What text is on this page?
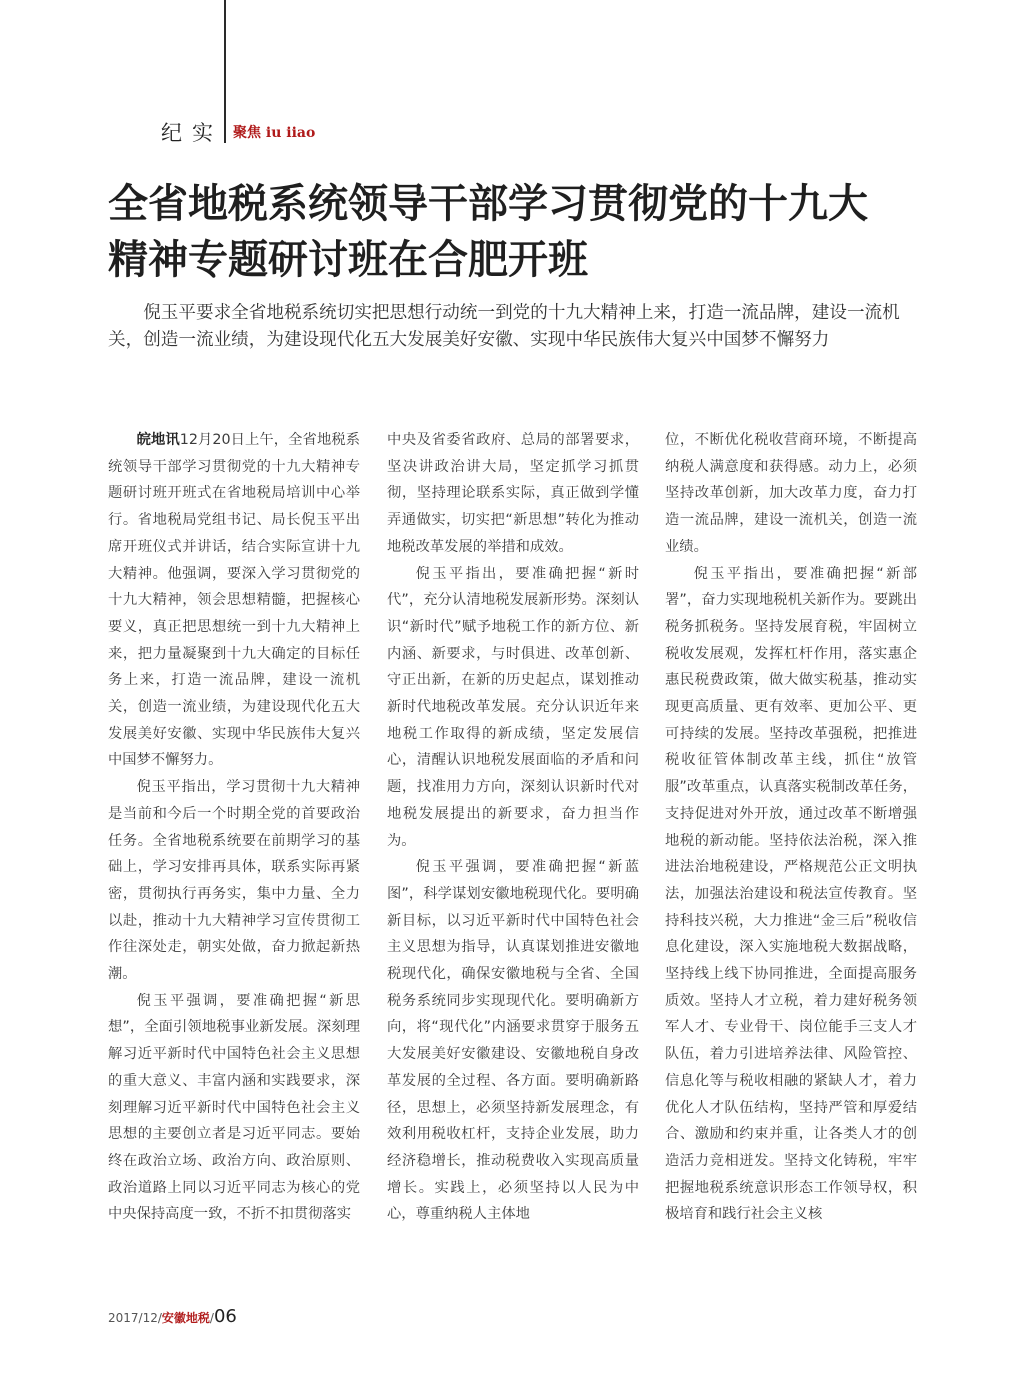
纪实 聚焦 iu iiao
全省地税系统领导干部学习贯彻党的十九大
精神专题研讨班在合肥开班

倪玉平要求全省地税系统切实把思想行动统一到党的十九大精神上来，打造一流品牌，建设一流机关，创造一流业绩，为建设现代化五大发展美好安徽、实现中华民族伟大复兴中国梦不懈努力

皖地讯12月20日上午，全省地税系统领导干部学习贯彻党的十九大精神专题研讨班开班式在省地税局培训中心举行。省地税局党组书记、局长倪玉平出席开班仪式并讲话，结合实际宣讲十九大精神。他强调，要深入学习贯彻党的十九大精神，领会思想精髓，把握核心要义，真正把思想统一到十九大精神上来，把力量凝聚到十九大确定的目标任务上来，打造一流品牌，建设一流机关，创造一流业绩，为建设现代化五大发展美好安徽、实现中华民族伟大复兴中国梦不懈努力。

倪玉平指出，学习贯彻十九大精神是当前和今后一个时期全党的首要政治任务。全省地税系统要在前期学习的基础上，学习安排再具体，联系实际再紧密，贯彻执行再务实，集中力量、全力以赴，推动十九大精神学习宣传贯彻工作往深处走，朝实处做，奋力掀起新热潮。

倪玉平强调，要准确把握“新思想”，全面引领地税事业新发展。深刻理解习近平新时代中国特色社会主义思想的重大意义、丰富内涵和实践要求，深刻理解习近平新时代中国特色社会主义思想的主要创立者是习近平同志。要始终在政治立场、政治方向、政治原则、政治道路上同以习近平同志为核心的党中央保持高度一致，不折不扣贯彻落实

中央及省委省政府、总局的部署要求，坚决讲政治讲大局，坚定抓学习抓贯彻，坚持理论联系实际，真正做到学懂弄通做实，切实把“新思想”转化为推动地税改革发展的举措和成效。

倪玉平指出，要准确把握“新时代”，充分认清地税发展新形势。深刻认识“新时代”赋予地税工作的新方位、新内涵、新要求，与时俱进、改革创新、守正出新，在新的历史起点，谋划推动新时代地税改革发展。充分认识近年来地税工作取得的新成绩，坚定发展信心，清醒认识地税发展面临的矛盾和问题，找准用力方向，深刻认识新时代对地税发展提出的新要求，奋力担当作为。

倪玉平强调，要准确把握“新蓝图”，科学谋划安徽地税现代化。要明确新目标，以习近平新时代中国特色社会主义思想为指导，认真谋划推进安徽地税现代化，确保安徽地税与全省、全国税务系统同步实现现代化。要明确新方向，将“现代化”内涵要求贯穿于服务五大发展美好安徽建设、安徽地税自身改革发展的全过程、各方面。要明确新路径，思想上，必须坚持新发展理念，有效利用税收杠杆，支持企业发展，助力经济稳增长，推动税费收入实现高质量增长。实践上，必须坚持以人民为中心，尊重纳税人主体地

位，不断优化税收营商环境，不断提高纳税人满意度和获得感。动力上，必须坚持改革创新，加大改革力度，奋力打造一流品牌，建设一流机关，创造一流业绩。

倪玉平指出，要准确把握“新部署”，奋力实现地税机关新作为。要跳出税务抓税务。坚持发展育税，牢固树立税收发展观，发挥杠杆作用，落实惠企惠民税费政策，做大做实税基，推动实现更高质量、更有效率、更加公平、更可持续的发展。坚持改革强税，把推进税收征管体制改革主线，抓住“放管服”改革重点，认真落实税制改革任务，支持促进对外开放，通过改革不断增强地税的新动能。坚持依法治税，深入推进法治地税建设，严格规范公正文明执法，加强法治建设和税法宣传教育。坚持科技兴税，大力推进“金三后”税收信息化建设，深入实施地税大数据战略，坚持线上线下协同推进，全面提高服务质效。坚持人才立税，着力建好税务领军人才、专业骨干、岗位能手三支人才队伍，着力引进培养法律、风险管控、信息化等与税收相融的紧缺人才，着力优化人才队伍结构，坚持严管和厚爱结合、激励和约束并重，让各类人才的创造活力竞相迸发。坚持文化铸税，牢牢把握地税系统意识形态工作领导权，积极培育和践行社会主义核

2017/12/安徽地税/06
